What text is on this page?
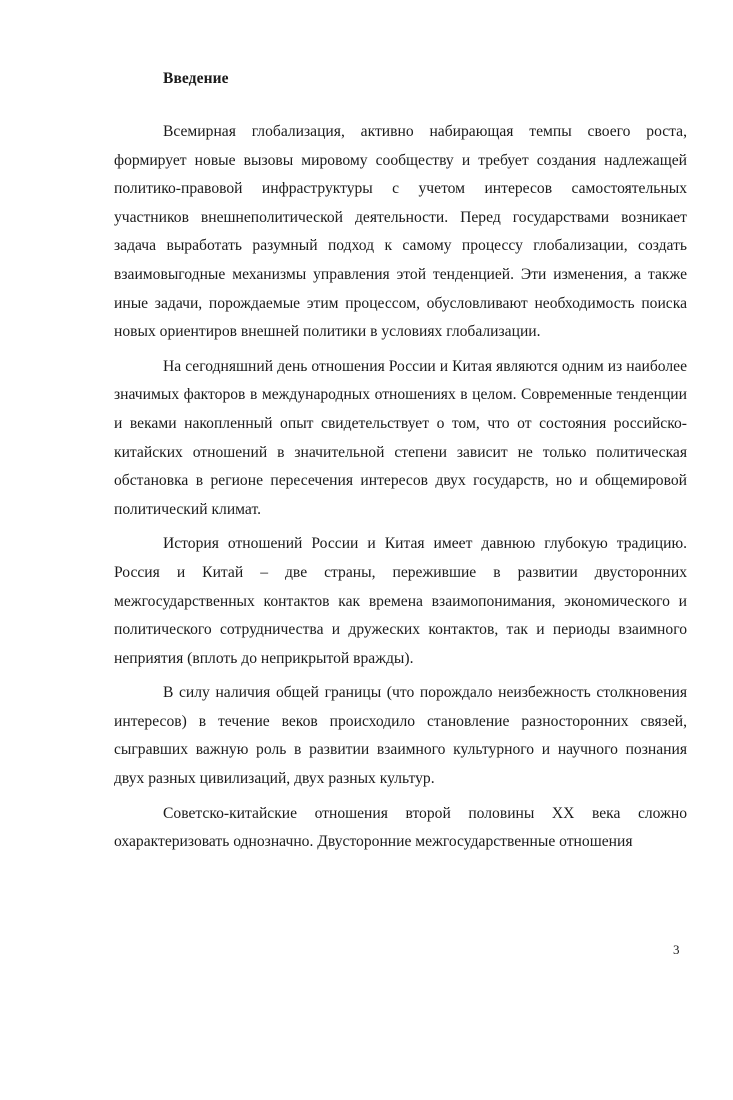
Введение

Всемирная глобализация, активно набирающая темпы своего роста, формирует новые вызовы мировому сообществу и требует создания надлежащей политико-правовой инфраструктуры с учетом интересов самостоятельных участников внешнеполитической деятельности. Перед государствами возникает задача выработать разумный подход к самому процессу глобализации, создать взаимовыгодные механизмы управления этой тенденцией. Эти изменения, а также иные задачи, порождаемые этим процессом, обусловливают необходимость поиска новых ориентиров внешней политики в условиях глобализации.

На сегодняшний день отношения России и Китая являются одним из наиболее значимых факторов в международных отношениях в целом. Современные тенденции и веками накопленный опыт свидетельствует о том, что от состояния российско-китайских отношений в значительной степени зависит не только политическая обстановка в регионе пересечения интересов двух государств, но и общемировой политический климат.

История отношений России и Китая имеет давнюю глубокую традицию. Россия и Китай – две страны, пережившие в развитии двусторонних межгосударственных контактов как времена взаимопонимания, экономического и политического сотрудничества и дружеских контактов, так и периоды взаимного неприятия (вплоть до неприкрытой вражды).

В силу наличия общей границы (что порождало неизбежность столкновения интересов) в течение веков происходило становление разносторонних связей, сыгравших важную роль в развитии взаимного культурного и научного познания двух разных цивилизаций, двух разных культур.

Советско-китайские отношения второй половины XX века сложно охарактеризовать однозначно. Двусторонние межгосударственные отношения

3
